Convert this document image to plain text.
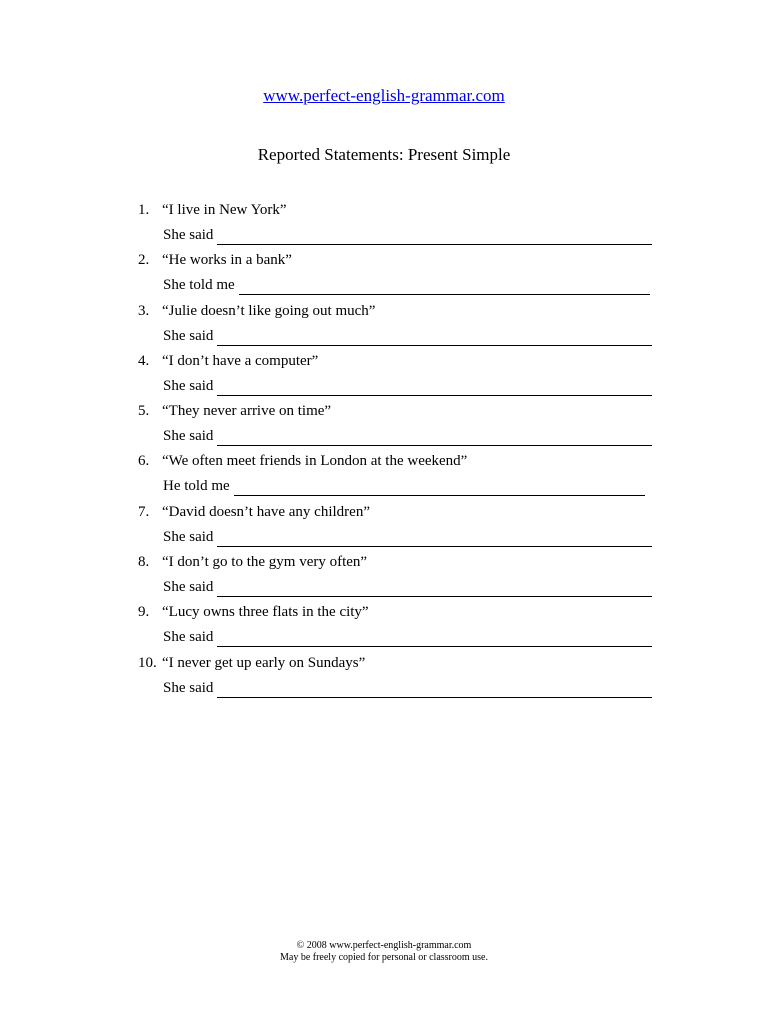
www.perfect-english-grammar.com
Reported Statements: Present Simple
1. “I live in New York”
She said
2. “He works in a bank”
She told me
3. “Julie doesn’t like going out much”
She said
4. “I don’t have a computer”
She said
5. “They never arrive on time”
She said
6. “We often meet friends in London at the weekend”
He told me
7. “David doesn’t have any children”
She said
8. “I don’t go to the gym very often”
She said
9. “Lucy owns three flats in the city”
She said
10. “I never get up early on Sundays”
She said
© 2008 www.perfect-english-grammar.com
May be freely copied for personal or classroom use.
